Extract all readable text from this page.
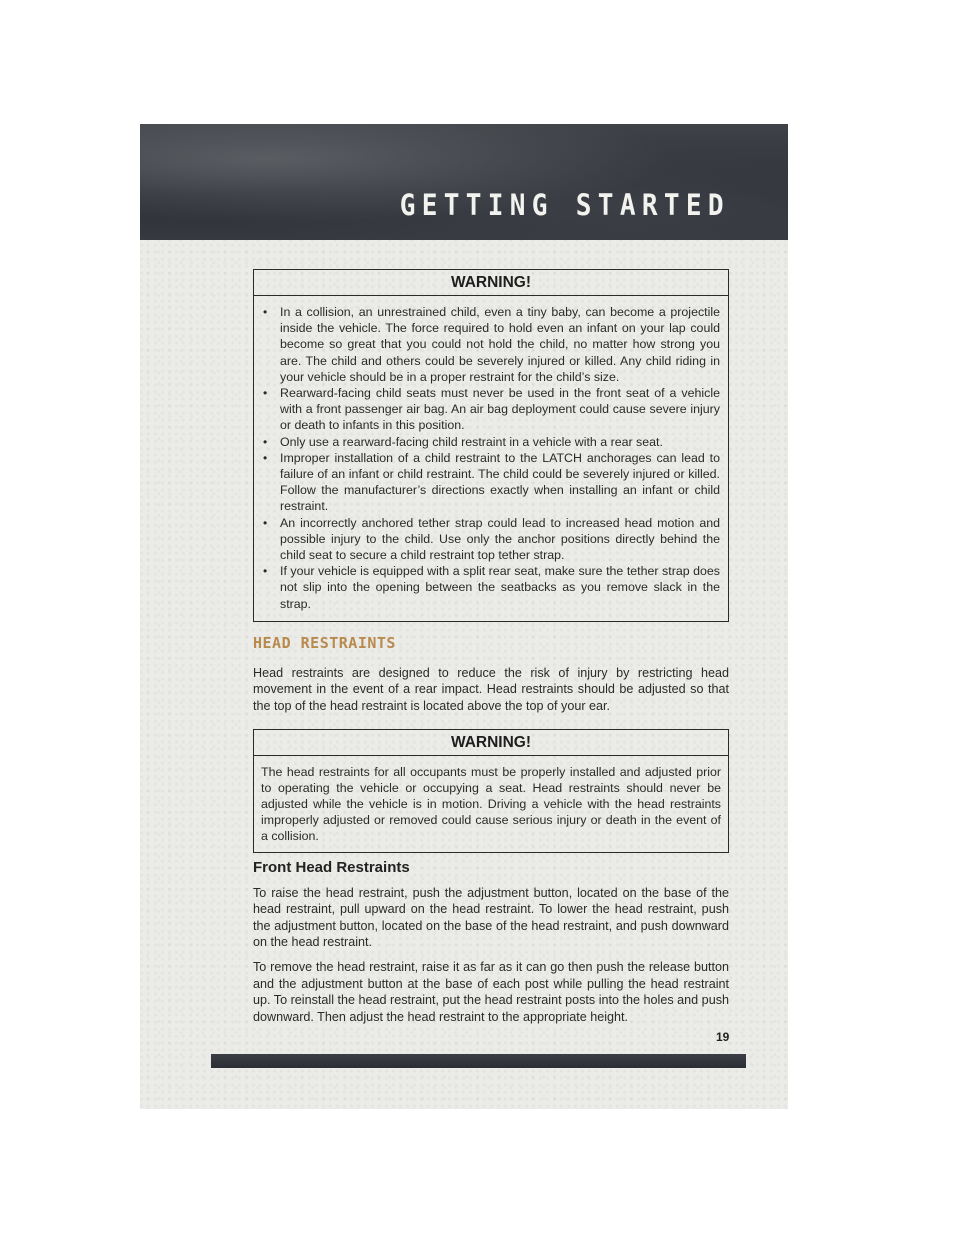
GETTING STARTED
WARNING!
• In a collision, an unrestrained child, even a tiny baby, can become a projectile inside the vehicle. The force required to hold even an infant on your lap could become so great that you could not hold the child, no matter how strong you are. The child and others could be severely injured or killed. Any child riding in your vehicle should be in a proper restraint for the child’s size.
• Rearward-facing child seats must never be used in the front seat of a vehicle with a front passenger air bag. An air bag deployment could cause severe injury or death to infants in this position.
• Only use a rearward-facing child restraint in a vehicle with a rear seat.
• Improper installation of a child restraint to the LATCH anchorages can lead to failure of an infant or child restraint. The child could be severely injured or killed. Follow the manufacturer’s directions exactly when installing an infant or child restraint.
• An incorrectly anchored tether strap could lead to increased head motion and possible injury to the child. Use only the anchor positions directly behind the child seat to secure a child restraint top tether strap.
• If your vehicle is equipped with a split rear seat, make sure the tether strap does not slip into the opening between the seatbacks as you remove slack in the strap.
HEAD RESTRAINTS

Head restraints are designed to reduce the risk of injury by restricting head movement in the event of a rear impact. Head restraints should be adjusted so that the top of the head restraint is located above the top of your ear.

WARNING!

The head restraints for all occupants must be properly installed and adjusted prior to operating the vehicle or occupying a seat. Head restraints should never be adjusted while the vehicle is in motion. Driving a vehicle with the head restraints improperly adjusted or removed could cause serious injury or death in the event of a collision.

Front Head Restraints

To raise the head restraint, push the adjustment button, located on the base of the head restraint, pull upward on the head restraint. To lower the head restraint, push the adjustment button, located on the base of the head restraint, and push downward on the head restraint.

To remove the head restraint, raise it as far as it can go then push the release button and the adjustment button at the base of each post while pulling the head restraint up. To reinstall the head restraint, put the head restraint posts into the holes and push downward. Then adjust the head restraint to the appropriate height.

19
